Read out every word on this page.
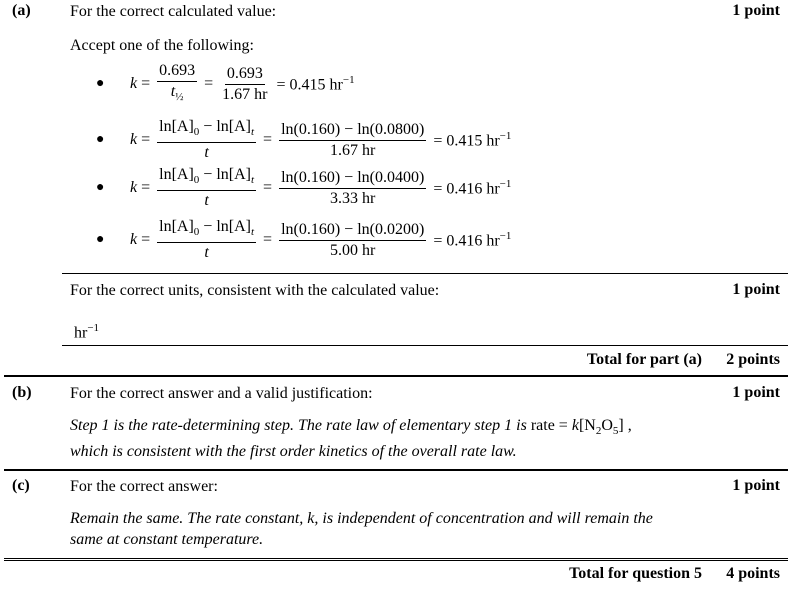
(a) For the correct calculated value:	1 point
Accept one of the following:
●	$k = \frac{0.693}{t_{\frac{1}{2}}} = \frac{0.693}{1.67 hr} = 0.415$ $hr^{-1}$
●	$k = \frac{\ln[A]_0 - \ln[A]_t}{t} = \frac{\ln(0.160) - \ln(0.0800)}{1.67 hr} = 0.415$ $hr^{-1}$
●	$k = \frac{\ln[A]_0 - \ln[A]_t}{t} = \frac{\ln(0.160) - \ln(0.0400)}{3.33 hr} = 0.416$ $hr^{-1}$
●	$k = \frac{\ln[A]_0 - \ln[A]_t}{t} = \frac{\ln(0.160) - \ln(0.0200)}{5.00 hr} = 0.416$ $hr^{-1}$
For the correct units, consistent with the calculated value:	1 point
$hr^{-1}$
Total for part (a) 2 points
(b) For the correct answer and a valid justification:	1 point
Step 1 is the rate-determining step. The rate law of elementary step 1 is rate = $k[N_2O_5]$ ,
which is consistent with the first order kinetics of the overall rate law.
(c)	For the correct answer:	1 point
Remain the same. The rate constant, k, is independent of concentration and will remain the
same at constant temperature.
Total for question 5 4 points
